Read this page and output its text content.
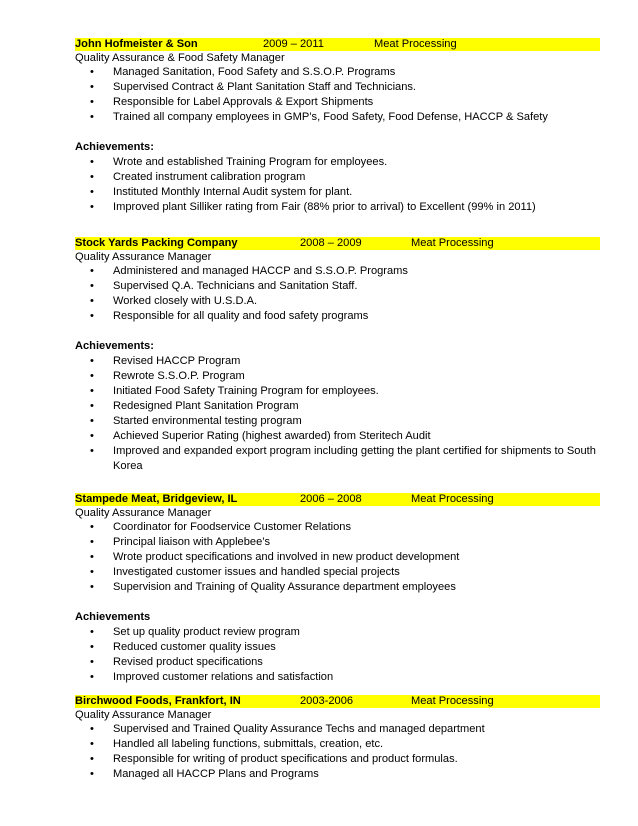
John Hofmeister & Son	2009 – 2011	Meat Processing
Quality Assurance & Food Safety Manager
• Managed Sanitation, Food Safety and S.S.O.P. Programs
• Supervised Contract & Plant Sanitation Staff and Technicians.
• Responsible for Label Approvals & Export Shipments
• Trained all company employees in GMP’s, Food Safety, Food Defense, HACCP & Safety
Achievements:
• Wrote and established Training Program for employees.
• Created instrument calibration program
• Instituted Monthly Internal Audit system for plant.
• Improved plant Silliker rating from Fair (88% prior to arrival) to Excellent (99% in 2011)
Stock Yards Packing Company	2008 – 2009	Meat Processing
Quality Assurance Manager
• Administered and managed HACCP and S.S.O.P. Programs
• Supervised Q.A. Technicians and Sanitation Staff.
• Worked closely with U.S.D.A.
• Responsible for all quality and food safety programs
Achievements:
• Revised HACCP Program
• Rewrote S.S.O.P. Program
• Initiated Food Safety Training Program for employees.
• Redesigned Plant Sanitation Program
• Started environmental testing program
• Achieved Superior Rating (highest awarded) from Steritech Audit
• Improved and expanded export program including getting the plant certified for shipments to South Korea
Stampede Meat, Bridgeview, IL	2006 – 2008	Meat Processing
Quality Assurance Manager
• Coordinator for Foodservice Customer Relations
• Principal liaison with Applebee’s
• Wrote product specifications and involved in new product development
• Investigated customer issues and handled special projects
• Supervision and Training of Quality Assurance department employees
Achievements
• Set up quality product review program
• Reduced customer quality issues
• Revised product specifications
• Improved customer relations and satisfaction
Birchwood Foods, Frankfort, IN	2003-2006	Meat Processing
Quality Assurance Manager
• Supervised and Trained Quality Assurance Techs and managed department
• Handled all labeling functions, submittals, creation, etc.
• Responsible for writing of product specifications and product formulas.
• Managed all HACCP Plans and Programs
